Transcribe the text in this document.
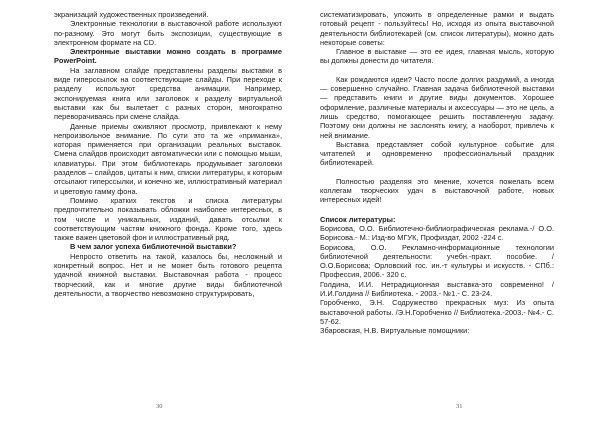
экранизаций художественных произведений.

Электронные технологии в выставочной работе используют по-разному. Это могут быть экспозиции, существующие в электронном формате на CD.

Электронные выставки можно создать в программе PowerPoint.

На заглавном слайде представлены разделы выставки в виде гиперссылок на соответствующие слайды. При переходе к разделу используют средства анимации. Например, экспонируемая книга или заголовок к разделу виртуальной выставки как бы вылетает с разных сторон, многократно переворачиваясь при смене слайда.

Данные приемы оживляют просмотр, привлекают к нему непроизвольное внимание. По сути это та же «приманка», которая применяется при организации реальных выставок. Смена слайдов происходит автоматически или с помощью мыши, клавиатуры. При этом библиотекарь продумывает заголовки разделов – слайдов, цитаты к ним, списки литературы, к которым отсылают гиперссылки, и конечно же, иллюстративный материал и цветовую гамму фона.

Помимо кратких текстов и списка литературы предпочтительно показывать обложки наиболее интересных, в том числе и уникальных, изданий, давать отсылки к соответствующим частям книжного фонда. Кроме того, здесь также важен цветовой фон и иллюстративный ряд.

В чем залог успеха библиотечной выставки?

Непросто ответить на такой, казалось бы, несложный и конкретный вопрос. Нет и не может быть готового рецепта удачной книжной выставки. Выставочная работа - процесс творческий, как и многие другие виды библиотечной деятельности, а творчество невозможно структурировать,

30

систематизировать, уложить в определенные рамки и выдать готовый рецепт - пользуйтесь! Но, исходя из опыта выставочной деятельности библиотекарей (см. список литературы), можно дать некоторые советы:

Главное в выставке — это ее идея, главная мысль, которую вы должны донести до читателя.

Как рождаются идеи? Часто после долгих раздумий, а иногда — совершенно случайно. Главная задача библиотечной выставки — представить книги и другие виды документов. Хорошее оформление, различные материалы и аксессуары — это не цель, а лишь средство, помогающее решить поставленную задачу. Поэтому они должны не заслонять книгу, а наоборот, привлечь к ней внимание.

Выставка представляет собой культурное событие для читателей и одновременно профессиональный праздник библиотекарей.

Полностью разделяя это мнение, хочется пожелать всем коллегам творческих удач в выставочной работе, новых интересных идей!

Список литературы:

Борисова, О.О. Библиотечно-библиографическая реклама.-/ О.О. Борисова.- М.: Изд-во МГУК, Профиздат, 2002 -224 с.

Борисова, О.О. Рекламно-информационные технологии библиотечной деятельности: учебн.-практ. пособие. / О.О.Борисова; Орловский гос. ин.-т культуры и искусств. - СПб.: Профессия, 2006.- 320 с.

Голдина, И.И. Нетрадиционная выставка-это современно! / И.И.Голдина // Библиотека. - 2003.- №1.- С. 23-24.

Горобченко, Э.Н. Содружество прекрасных муз: Из опыта выставочной работы. /Э.Н.Горобченко // Библиотека.-2003.- №4.- С. 57-62.

Збаровская, Н.В. Виртуальные помощники:

31
